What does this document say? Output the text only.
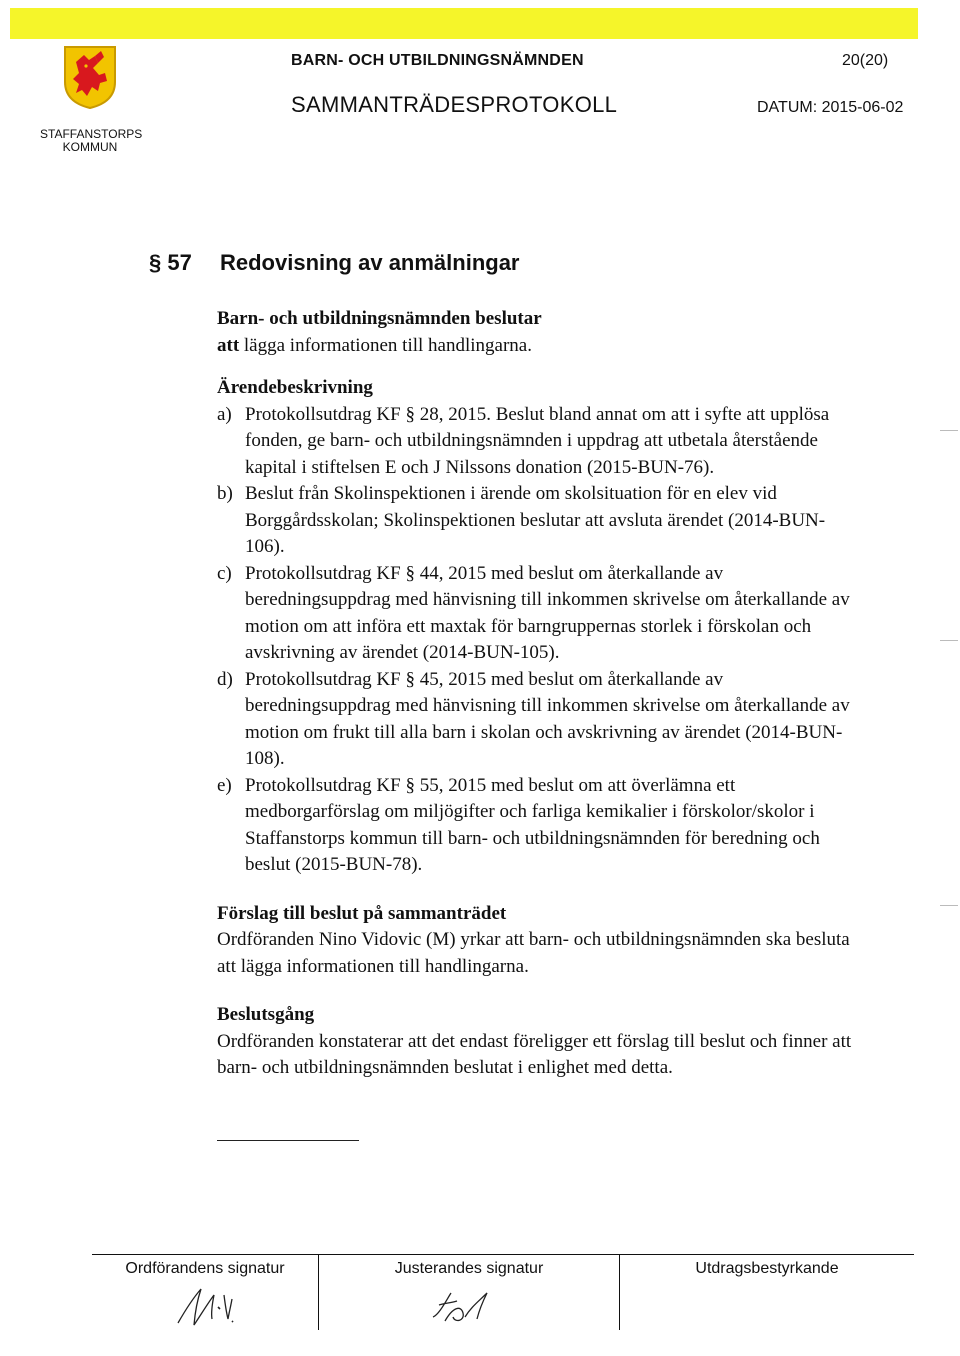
STAFFANSTORPS
KOMMUN
BARN- OCH UTBILDNINGSNÄMNDEN	20(20)
SAMMANTRÄDESPROTOKOLL	DATUM: 2015-06-02
§ 57 Redovisning av anmälningar

Barn- och utbildningsnämnden beslutar

att lägga informationen till handlingarna.

Ärendebeskrivning

a) Protokollsutdrag KF § 28, 2015. Beslut bland annat om att i syfte att upplösa fonden, ge barn- och utbildningsnämnden i uppdrag att utbetala återstående kapital i stiftelsen E och J Nilssons donation (2015-BUN-76).
b) Beslut från Skolinspektionen i ärende om skolsituation för en elev vid Borggårdsskolan; Skolinspektionen beslutar att avsluta ärendet (2014-BUN-106).
c) Protokollsutdrag KF § 44, 2015 med beslut om återkallande av beredningsuppdrag med hänvisning till inkommen skrivelse om återkallande av motion om att införa ett maxtak för barngruppernas storlek i förskolan och avskrivning av ärendet (2014-BUN-105).
d) Protokollsutdrag KF § 45, 2015 med beslut om återkallande av beredningsuppdrag med hänvisning till inkommen skrivelse om återkallande av motion om frukt till alla barn i skolan och avskrivning av ärendet (2014-BUN-108).
e) Protokollsutdrag KF § 55, 2015 med beslut om att överlämna ett medborgarförslag om miljögifter och farliga kemikalier i förskolor/skolor i Staffanstorps kommun till barn- och utbildningsnämnden för beredning och beslut (2015-BUN-78).

Förslag till beslut på sammanträdet

Ordföranden Nino Vidovic (M) yrkar att barn- och utbildningsnämnden ska besluta att lägga informationen till handlingarna.

Beslutsgång

Ordföranden konstaterar att det endast föreligger ett förslag till beslut och finner att barn- och utbildningsnämnden beslutat i enlighet med detta.

Ordförandens signatur	Justerandes signatur	Utdragsbestyrkande
